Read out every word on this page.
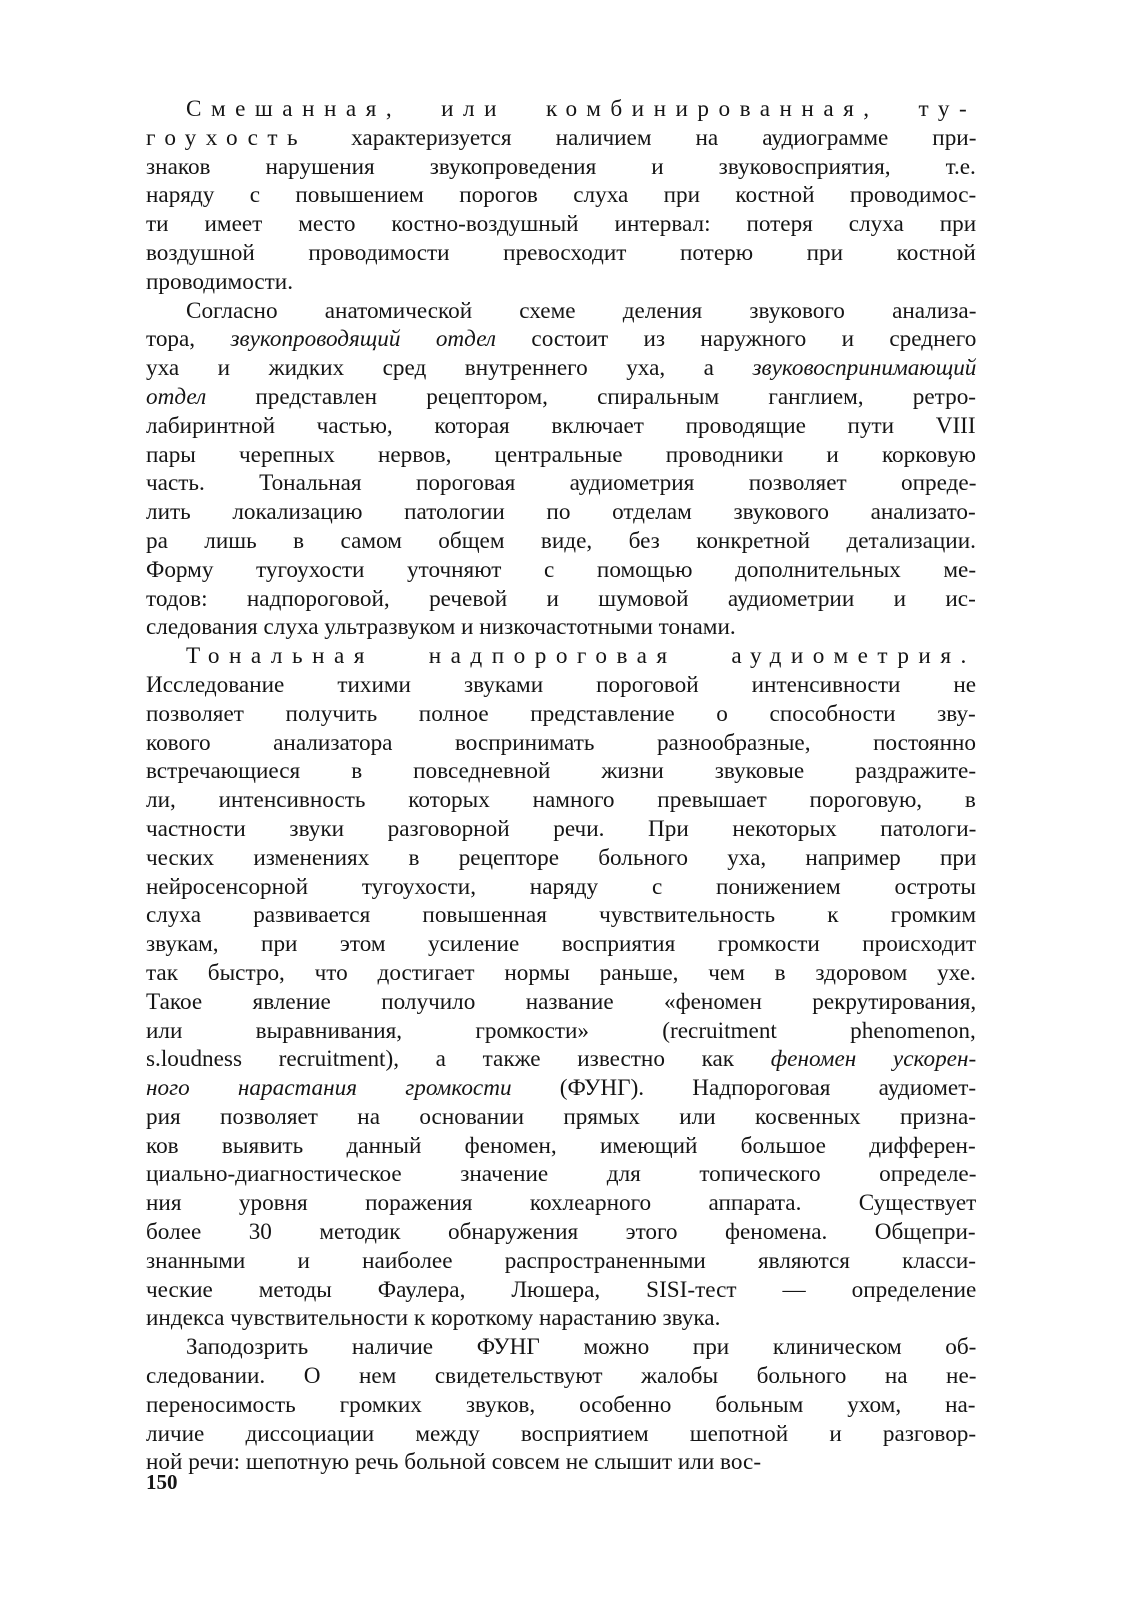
Смешанная, или комбинированная, ту-
гоухость характеризуется наличием на аудиограмме при-
знаков нарушения звукопроведения и звуковосприятия, т.е.
наряду с повышением порогов слуха при костной проводимос-
ти имеет место костно-воздушный интервал: потеря слуха при
воздушной проводимости превосходит потерю при костной
проводимости.

Согласно анатомической схеме деления звукового анализа-
тора, звукопроводящий отдел состоит из наружного и среднего
уха и жидких сред внутреннего уха, а звуковоспринимающий
отдел представлен рецептором, спиральным ганглием, ретро-
лабиринтной частью, которая включает проводящие пути VIII
пары черепных нервов, центральные проводники и корковую
часть. Тональная пороговая аудиометрия позволяет опреде-
лить локализацию патологии по отделам звукового анализато-
ра лишь в самом общем виде, без конкретной детализации.
Форму тугоухости уточняют с помощью дополнительных ме-
тодов: надпороговой, речевой и шумовой аудиометрии и ис-
следования слуха ультразвуком и низкочастотными тонами.

Тональная надпороговая аудиометрия.
Исследование тихими звуками пороговой интенсивности не
позволяет получить полное представление о способности зву-
кового анализатора воспринимать разнообразные, постоянно
встречающиеся в повседневной жизни звуковые раздражите-
ли, интенсивность которых намного превышает пороговую, в
частности звуки разговорной речи. При некоторых патологи-
ческих изменениях в рецепторе больного уха, например при
нейросенсорной тугоухости, наряду с понижением остроты
слуха развивается повышенная чувствительность к громким
звукам, при этом усиление восприятия громкости происходит
так быстро, что достигает нормы раньше, чем в здоровом ухе.
Такое явление получило название «феномен рекрутирования,
или выравнивания, громкости» (recruitment phenomenon,
s.loudness recruitment), а также известно как феномен ускорен-
ного нарастания громкости (ФУНГ). Надпороговая аудиомет-
рия позволяет на основании прямых или косвенных призна-
ков выявить данный феномен, имеющий большое дифферен-
циально-диагностическое значение для топического определе-
ния уровня поражения кохлеарного аппарата. Существует
более 30 методик обнаружения этого феномена. Общепри-
знанными и наиболее распространенными являются класси-
ческие методы Фаулера, Люшера, SISI-тест — определение
индекса чувствительности к короткому нарастанию звука.

Заподозрить наличие ФУНГ можно при клиническом об-
следовании. О нем свидетельствуют жалобы больного на не-
переносимость громких звуков, особенно больным ухом, на-
личие диссоциации между восприятием шепотной и разговор-
ной речи: шепотную речь больной совсем не слышит или вос-

150
